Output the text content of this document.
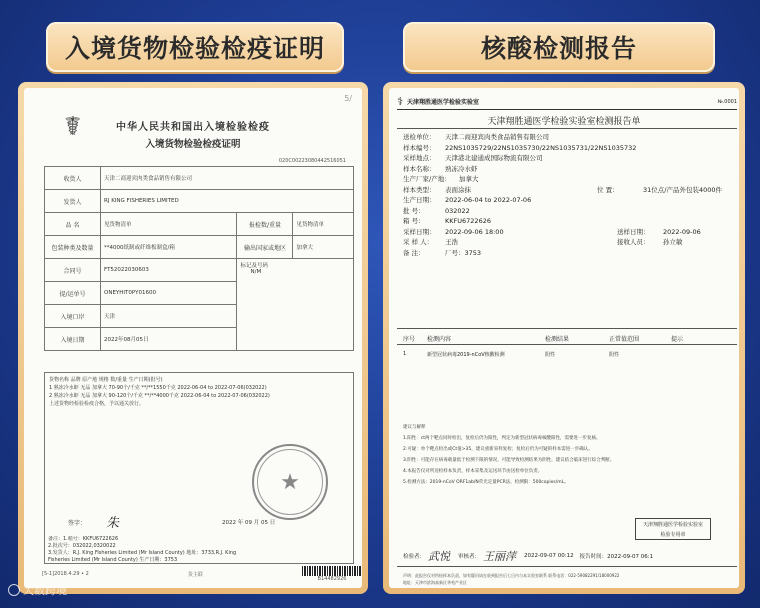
入境货物检验检疫证明	核酸检测报告
5/
☤	中华人民共和国出入境检验检疫
入境货物检验检疫证明
020C00223080442516051
收货人	天津二商迎宾肉类食品销售有限公司		
发货人	RJ KING FISHERIES LIMITED		
品 名	见货物清单	报检数/重量	见货物清单
包装种类及数量	**4000纸制或纤维板制盒/箱	输出国家或地区	加拿大
合同号	FT52022030603	标记及号码
N/M	

提/运单号	ONEYHIT0PY01600		
入境口岸	天津		
入境日期	2022年08月05日		
货物名称 品牌 原产地 规格 数/重量 生产日期(批号)
1 熟冻冷水虾 无品 加拿大 70-90个/千克 **/**1550千克 2022-06-04 to 2022-07-06(032022)
2 熟冻冷水虾 无品 加拿大 90-120个/千克 **/**4000千克 2022-06-04 to 2022-07-06(032022)
上述货物经检验检疫合格，予以通关放行。
★
签字： 朱	2022 年 09 月 05 日
备注：1.箱号：KKFU6722626
2.批次号：032022,0320022
3.发货人：R.J. King Fisheries Limited (Mr Island County) 地址：3733,R.J. King
Fisheries Limited (Mr Island County) 生产日期：3753
[5-1]2018.4.29 • 2	货主联
B14482926
⚕ 天津翔胜通医学检验实验室	№.0001
天津翔胜通医学检验实验室检测报告单
送检单位：	天津二商迎宾肉类食品销售有限公司
样本编号：	22NS1035729/22NS1035730/22NS1035731/22NS1035732
采样地点：	天津港北建通成国际物流有限公司
样本名称：	熟冻冷水虾
生产厂家/产地：	加拿大
样本类型：	表面涂抹	位 置：	31位点/产品外包装4000件
生产日期：	2022-06-04 to 2022-07-06
批 号：	032022
箱 号：	KKFU6722626
采样日期：	2022-09-06 18:00	送样日期：	2022-09-06
采 样 人：	王浩	接收人员：	孙立敏
备 注：	厂号：3753
序号	检测内容	检测结果	正常值范围	提示
1	新型冠状病毒2019-nCoV核酸检测	阴性	阴性

建议与解释

1.阳性：ct两个靶点同时检出，复检后仍为阳性，判定为新型冠状病毒核酸阳性，需要进一步复核。

2.可疑：单个靶点检出或Ct值>35，建议重新采样复检；复检后仍为可疑的样本需进一步确认。

3.阴性：可能存在病毒载量低于检测下限的情况，可能导致检测结果为阴性，建议结合临床进行综合判断。

4.本报告仅对所送检样本负责，样本采集及运送环节由送检单位负责。

5.检测方法：2019-nCoV ORF1ab/N荧光定量PCR法，检测限：500copies/mL。

天津翔胜通医学检验实验室
检验专用章
检验者： 武悦 审核者： 王丽萍 2022-09-07 00:12 报告时间：2022-09-07 06:1
声明：此报告仅对所检样本负责，如有疑问请在收到报告后七日内与本实验室联系 联系电话：022-59082291/18000922
地址：天津市滨海高新区华苑产业区
大数跨境
